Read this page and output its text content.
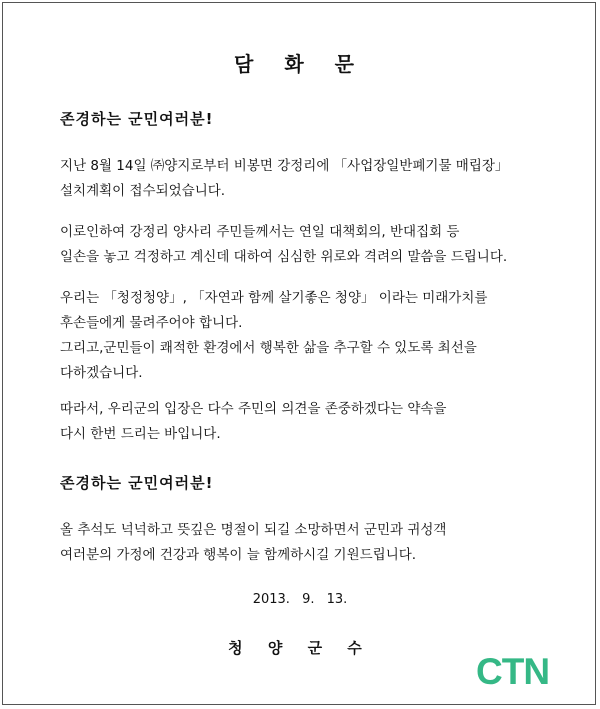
담 화 문
존경하는 군민여러분!
지난 8월 14일 ㈜양지로부터 비봉면 강정리에 「사업장일반폐기물 매립장」
설치계획이 접수되었습니다.
이로인하여 강정리 양사리 주민들께서는 연일 대책회의, 반대집회 등
일손을 놓고 걱정하고 계신데 대하여 심심한 위로와 격려의 말씀을 드립니다.
우리는 「청정청양」, 「자연과 함께 살기좋은 청양」 이라는 미래가치를
후손들에게 물려주어야 합니다.
그리고,군민들이 쾌적한 환경에서 행복한 삶을 추구할 수 있도록 최선을
다하겠습니다.
따라서, 우리군의 입장은 다수 주민의 의견을 존중하겠다는 약속을
다시 한번 드리는 바입니다.
존경하는 군민여러분!
올 추석도 넉넉하고 뜻깊은 명절이 되길 소망하면서 군민과 귀성객
여러분의 가정에 건강과 행복이 늘 함께하시길 기원드립니다.
2013. 9. 13.
청 양 군 수
CTN
